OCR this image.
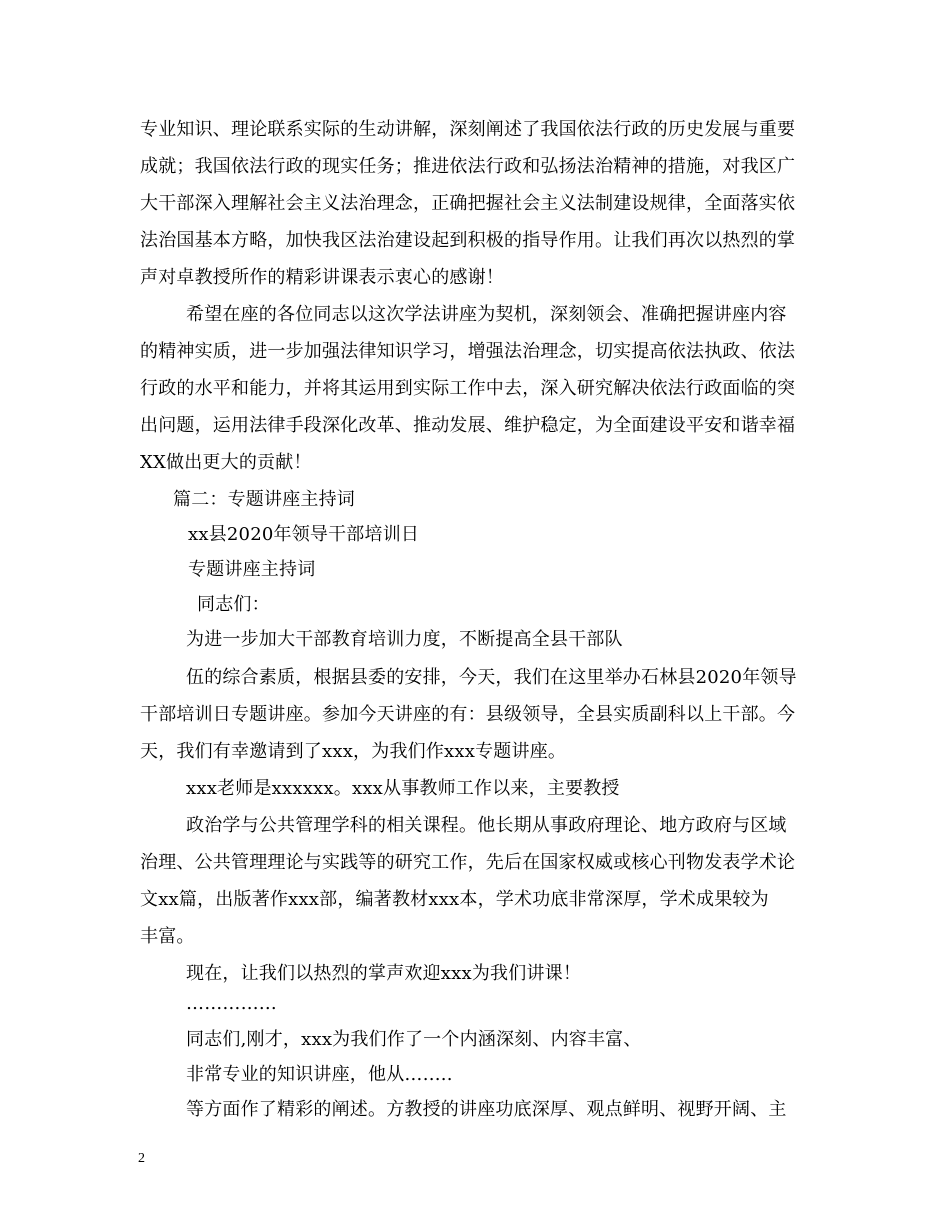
专业知识、理论联系实际的生动讲解，深刻阐述了我国依法行政的历史发展与重要
成就；我国依法行政的现实任务；推进依法行政和弘扬法治精神的措施，对我区广
大干部深入理解社会主义法治理念，正确把握社会主义法制建设规律，全面落实依
法治国基本方略，加快我区法治建设起到积极的指导作用。让我们再次以热烈的掌
声对卓教授所作的精彩讲课表示衷心的感谢！
希望在座的各位同志以这次学法讲座为契机，深刻领会、准确把握讲座内容
的精神实质，进一步加强法律知识学习，增强法治理念，切实提高依法执政、依法
行政的水平和能力，并将其运用到实际工作中去，深入研究解决依法行政面临的突
出问题，运用法律手段深化改革、推动发展、维护稳定，为全面建设平安和谐幸福
XX做出更大的贡献！
篇二：专题讲座主持词
xx县2020年领导干部培训日
专题讲座主持词
同志们：
为进一步加大干部教育培训力度，不断提高全县干部队
伍的综合素质，根据县委的安排，今天，我们在这里举办石林县2020年领导
干部培训日专题讲座。参加今天讲座的有：县级领导，全县实质副科以上干部。今
天，我们有幸邀请到了xxx，为我们作xxx专题讲座。
xxx老师是xxxxxx。xxx从事教师工作以来，主要教授
政治学与公共管理学科的相关课程。他长期从事政府理论、地方政府与区域
治理、公共管理理论与实践等的研究工作，先后在国家权威或核心刊物发表学术论
文xx篇，出版著作xxx部，编著教材xxx本，学术功底非常深厚，学术成果较为
丰富。
现在，让我们以热烈的掌声欢迎xxx为我们讲课！
……………
同志们,刚才，xxx为我们作了一个内涵深刻、内容丰富、
非常专业的知识讲座，他从……..
等方面作了精彩的阐述。方教授的讲座功底深厚、观点鲜明、视野开阔、主
2
